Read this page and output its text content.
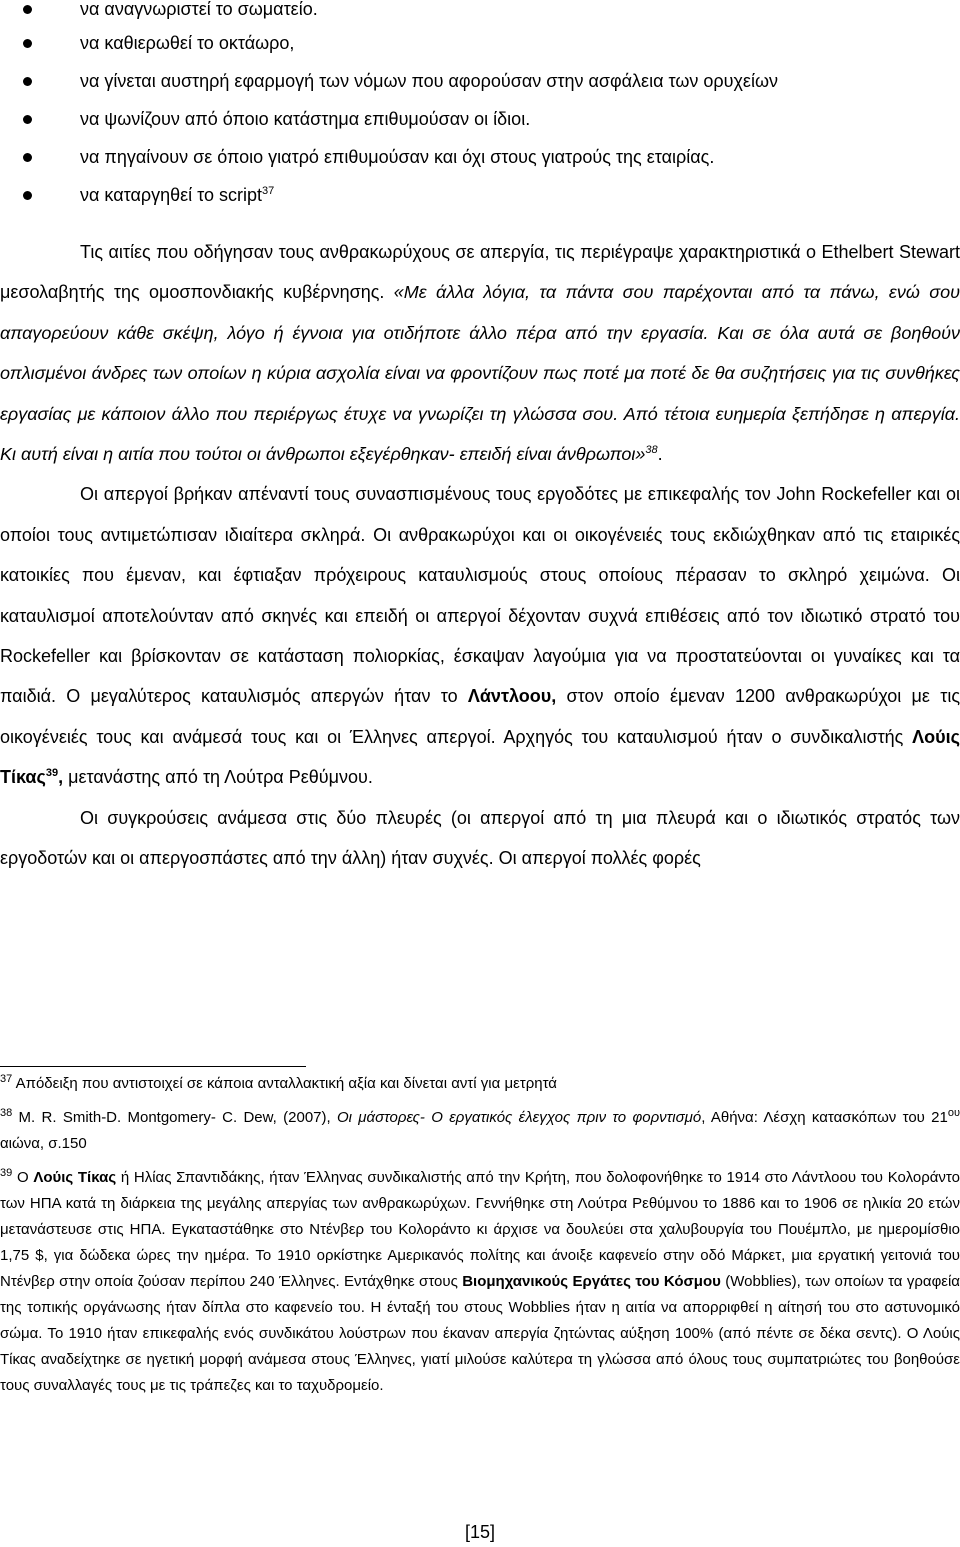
να αναγνωριστεί το σωματείο.
να καθιερωθεί το οκτάωρο,
να γίνεται αυστηρή εφαρμογή των νόμων που αφορούσαν στην ασφάλεια των ορυχείων
να ψωνίζουν από όποιο κατάστημα επιθυμούσαν οι ίδιοι.
να πηγαίνουν σε όποιο γιατρό επιθυμούσαν και όχι στους γιατρούς της εταιρίας.
να καταργηθεί το script$^{37}$

Τις αιτίες που οδήγησαν τους ανθρακωρύχους σε απεργία, τις περιέγραψε χαρακτηριστικά ο Ethelbert Stewart μεσολαβητής της ομοσπονδιακής κυβέρνησης. «Με άλλα λόγια, τα πάντα σου παρέχονται από τα πάνω, ενώ σου απαγορεύουν κάθε σκέψη, λόγο ή έγνοια για οτιδήποτε άλλο πέρα από την εργασία. Και σε όλα αυτά σε βοηθούν οπλισμένοι άνδρες των οποίων η κύρια ασχολία είναι να φροντίζουν πως ποτέ μα ποτέ δε θα συζητήσεις για τις συνθήκες εργασίας με κάποιον άλλο που περιέργως έτυχε να γνωρίζει τη γλώσσα σου. Από τέτοια ευημερία ξεπήδησε η απεργία. Κι αυτή είναι η αιτία που τούτοι οι άνθρωποι εξεγέρθηκαν- επειδή είναι άνθρωποι»$^{38}$.

Οι απεργοί βρήκαν απέναντί τους συνασπισμένους τους εργοδότες με επικεφαλής τον John Rockefeller και οι οποίοι τους αντιμετώπισαν ιδιαίτερα σκληρά. Οι ανθρακωρύχοι και οι οικογένειές τους εκδιώχθηκαν από τις εταιρικές κατοικίες που έμεναν, και έφτιαξαν πρόχειρους καταυλισμούς στους οποίους πέρασαν το σκληρό χειμώνα. Οι καταυλισμοί αποτελούνταν από σκηνές και επειδή οι απεργοί δέχονταν συχνά επιθέσεις από τον ιδιωτικό στρατό του Rockefeller και βρίσκονταν σε κατάσταση πολιορκίας, έσκαψαν λαγούμια για να προστατεύονται οι γυναίκες και τα παιδιά. Ο μεγαλύτερος καταυλισμός απεργών ήταν το Λάντλοου, στον οποίο έμεναν 1200 ανθρακωρύχοι με τις οικογένειές τους και ανάμεσά τους και οι Έλληνες απεργοί. Αρχηγός του καταυλισμού ήταν ο συνδικαλιστής Λούις Τίκας$^{39}$, μετανάστης από τη Λούτρα Ρεθύμνου.

Οι συγκρούσεις ανάμεσα στις δύο πλευρές (οι απεργοί από τη μια πλευρά και ο ιδιωτικός στρατός των εργοδοτών και οι απεργοσπάστες από την άλλη) ήταν συχνές. Οι απεργοί πολλές φορές

$^{37}$ Απόδειξη που αντιστοιχεί σε κάποια ανταλλακτική αξία και δίνεται αντί για μετρητά

$^{38}$ M. R. Smith-D. Montgomery- C. Dew, (2007), Οι μάστορες- Ο εργατικός έλεγχος πριν το φορντισμό, Αθήνα: Λέσχη κατασκόπων του $21^{o\upsilon}$ αιώνα, σ.150

$^{39}$ Ο Λούις Τίκας ή Ηλίας Σπαντιδάκης, ήταν Έλληνας συνδικαλιστής από την Κρήτη, που δολοφονήθηκε το 1914 στο Λάντλοου του Κολοράντο των ΗΠΑ κατά τη διάρκεια της μεγάλης απεργίας των ανθρακωρύχων. Γεννήθηκε στη Λούτρα Ρεθύμνου το 1886 και το 1906 σε ηλικία 20 ετών μετανάστευσε στις ΗΠΑ. Εγκαταστάθηκε στο Ντένβερ του Κολοράντο κι άρχισε να δουλεύει στα χαλυβουργία του Πουέμπλο, με ημερομίσθιο 1,75 $, για δώδεκα ώρες την ημέρα. Το 1910 ορκίστηκε Αμερικανός πολίτης και άνοιξε καφενείο στην οδό Μάρκετ, μια εργατική γειτονιά του Ντένβερ στην οποία ζούσαν περίπου 240 Έλληνες. Εντάχθηκε στους Βιομηχανικούς Εργάτες του Κόσμου (Wobblies), των οποίων τα γραφεία της τοπικής οργάνωσης ήταν δίπλα στο καφενείο του. Η ένταξή του στους Wobblies ήταν η αιτία να απορριφθεί η αίτησή του στο αστυνομικό σώμα. Το 1910 ήταν επικεφαλής ενός συνδικάτου λούστρων που έκαναν απεργία ζητώντας αύξηση 100% (από πέντε σε δέκα σεντς). Ο Λούις Τίκας αναδείχτηκε σε ηγετική μορφή ανάμεσα στους Έλληνες, γιατί μιλούσε καλύτερα τη γλώσσα από όλους τους συμπατριώτες του βοηθούσε τους συναλλαγές τους με τις τράπεζες και το ταχυδρομείο.

[15]
